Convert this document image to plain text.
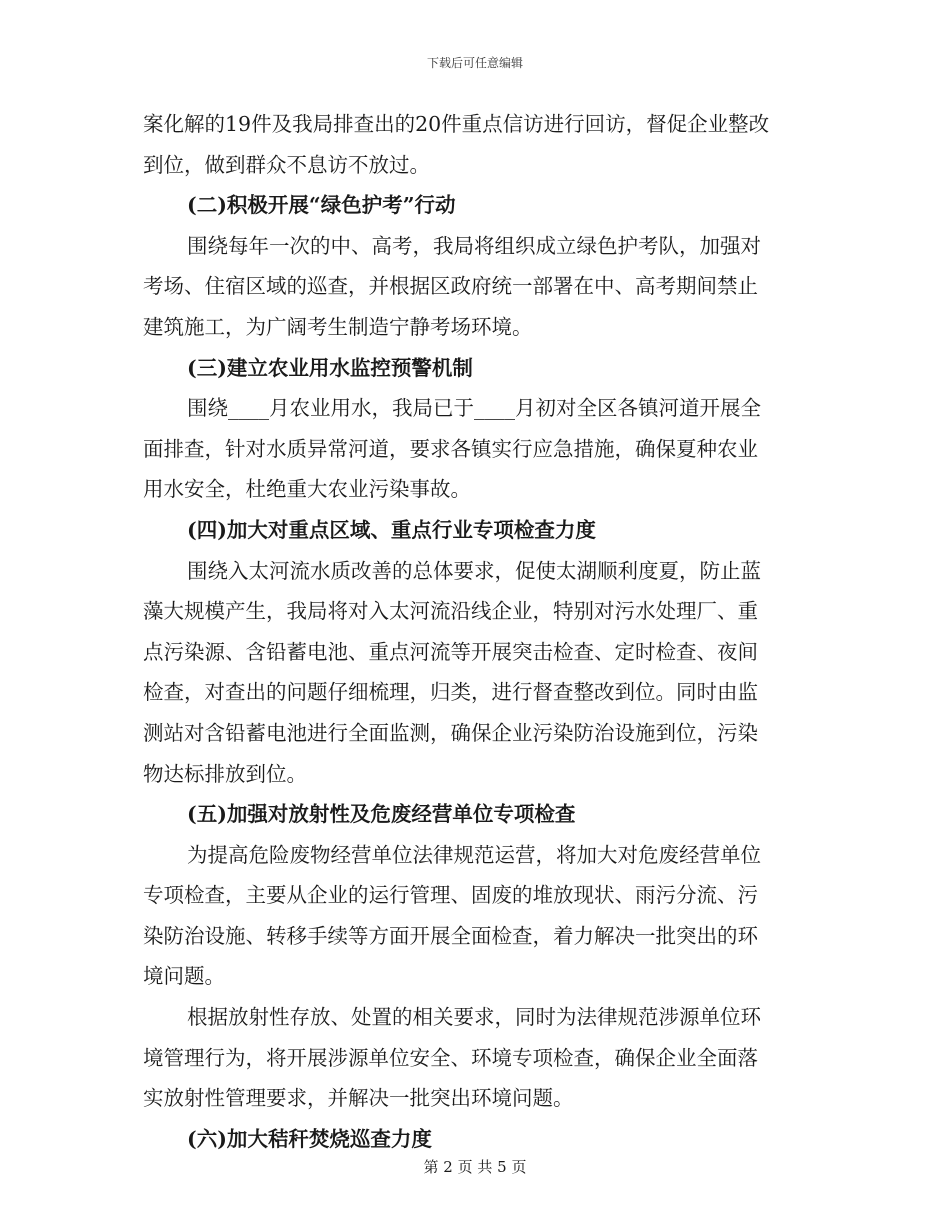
下载后可任意编辑
案化解的19件及我局排查出的20件重点信访进行回访，督促企业整改
到位，做到群众不息访不放过。
(二)积极开展“绿色护考”行动
围绕每年一次的中、高考，我局将组织成立绿色护考队，加强对
考场、住宿区域的巡查，并根据区政府统一部署在中、高考期间禁止
建筑施工，为广阔考生制造宁静考场环境。
(三)建立农业用水监控预警机制
围绕____月农业用水，我局已于____月初对全区各镇河道开展全
面排查，针对水质异常河道，要求各镇实行应急措施，确保夏种农业
用水安全，杜绝重大农业污染事故。
(四)加大对重点区域、重点行业专项检查力度
围绕入太河流水质改善的总体要求，促使太湖顺利度夏，防止蓝
藻大规模产生，我局将对入太河流沿线企业，特别对污水处理厂、重
点污染源、含铅蓄电池、重点河流等开展突击检查、定时检查、夜间
检查，对查出的问题仔细梳理，归类，进行督查整改到位。同时由监
测站对含铅蓄电池进行全面监测，确保企业污染防治设施到位，污染
物达标排放到位。
(五)加强对放射性及危废经营单位专项检查
为提高危险废物经营单位法律规范运营，将加大对危废经营单位
专项检查，主要从企业的运行管理、固废的堆放现状、雨污分流、污
染防治设施、转移手续等方面开展全面检查，着力解决一批突出的环
境问题。
根据放射性存放、处置的相关要求，同时为法律规范涉源单位环
境管理行为，将开展涉源单位安全、环境专项检查，确保企业全面落
实放射性管理要求，并解决一批突出环境问题。
(六)加大秸秆焚烧巡查力度
第 2 页 共 5 页
